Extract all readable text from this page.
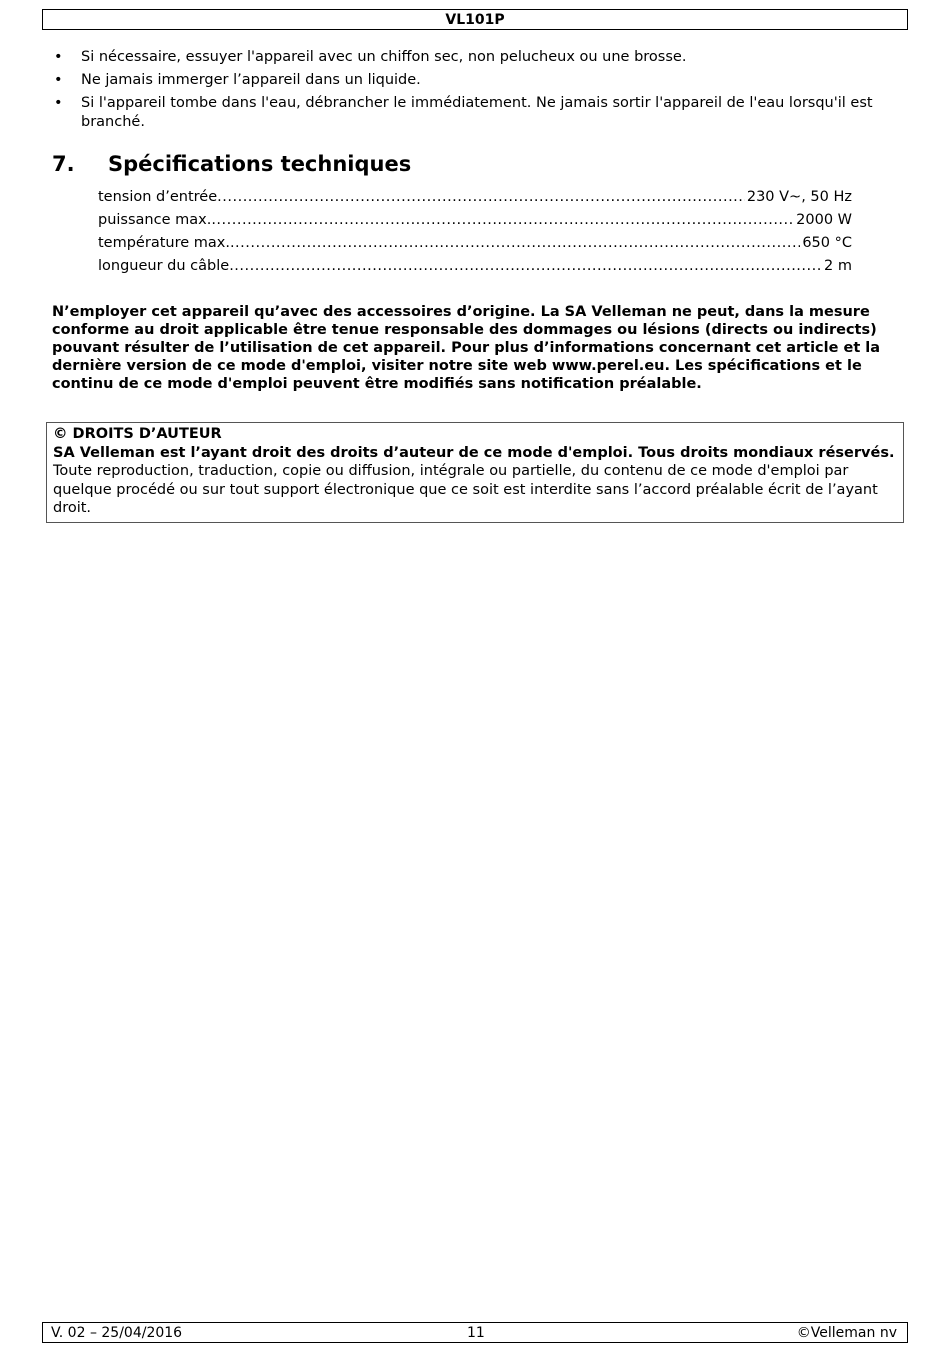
VL101P
• Si nécessaire, essuyer l'appareil avec un chiffon sec, non pelucheux ou une brosse.
• Ne jamais immerger l’appareil dans un liquide.
• Si l'appareil tombe dans l'eau, débrancher le immédiatement. Ne jamais sortir l'appareil de l'eau lorsqu'il est branché.
7. Spécifications techniques
tension d’entrée .....	230 V~, 50 Hz
puissance max. .....	2000 W
température max. .....	650 °C
longueur du câble .....	2 m

N’employer cet appareil qu’avec des accessoires d’origine. La SA Velleman ne peut, dans la mesure conforme au droit applicable être tenue responsable des dommages ou lésions (directs ou indirects) pouvant résulter de l’utilisation de cet appareil. Pour plus d’informations concernant cet article et la dernière version de ce mode d'emploi, visiter notre site web www.perel.eu. Les spécifications et le continu de ce mode d'emploi peuvent être modifiés sans notification préalable.

© DROITS D’AUTEUR
SA Velleman est l’ayant droit des droits d’auteur de ce mode d'emploi. Tous droits mondiaux réservés. Toute reproduction, traduction, copie ou diffusion, intégrale ou partielle, du contenu de ce mode d'emploi par quelque procédé ou sur tout support électronique que ce soit est interdite sans l’accord préalable écrit de l’ayant droit.
V. 02 – 25/04/2016	11	©Velleman nv
